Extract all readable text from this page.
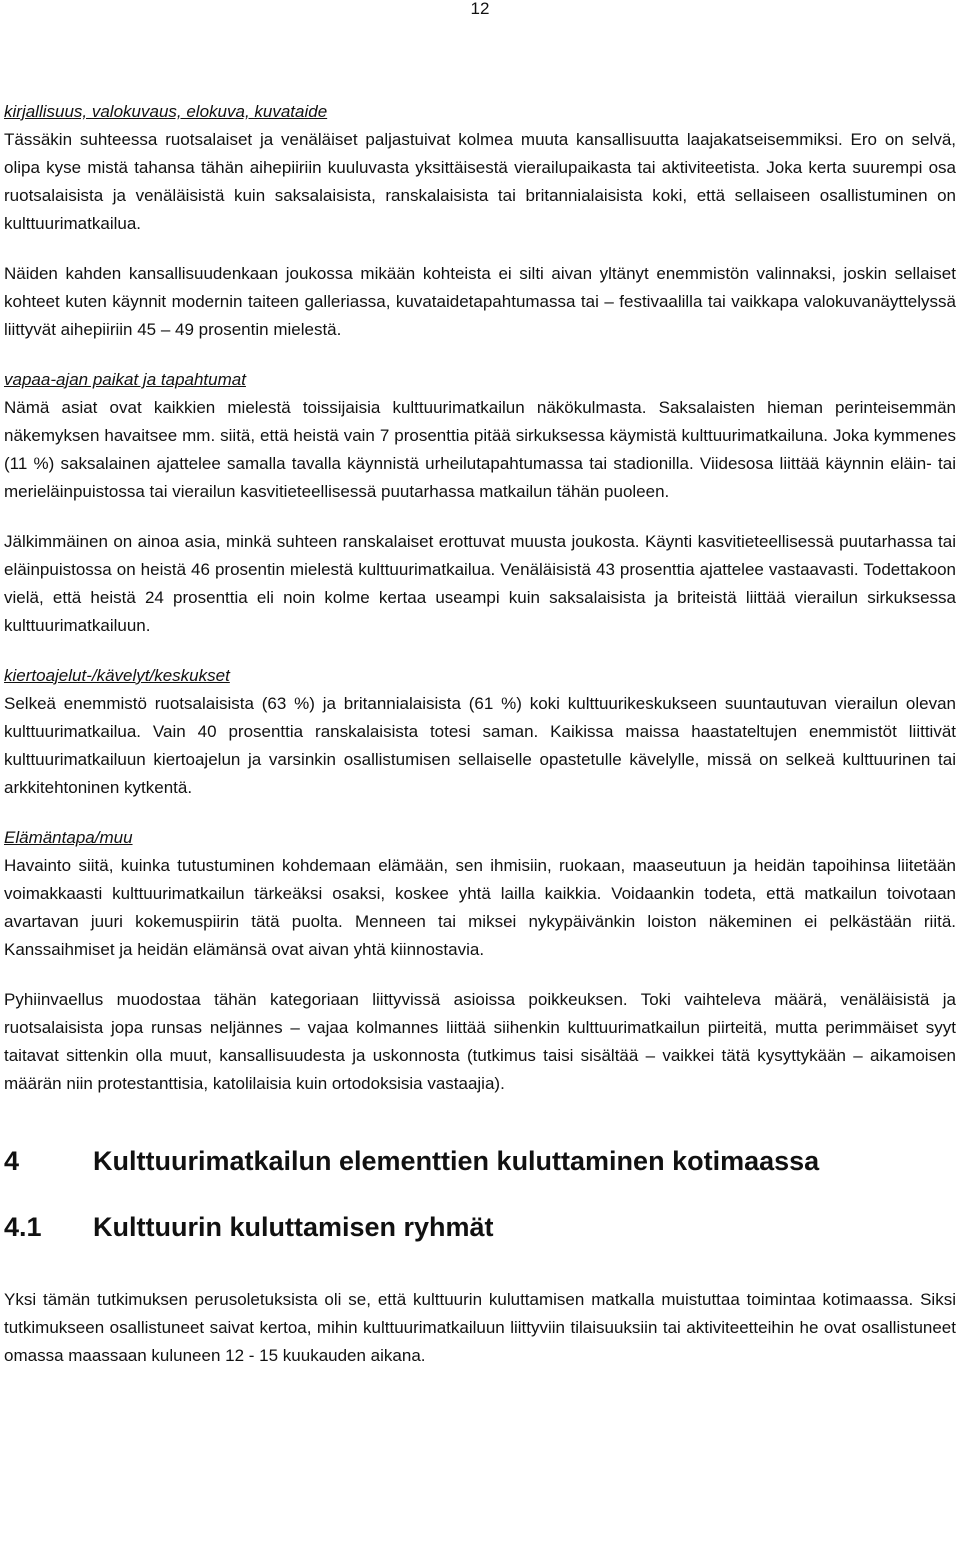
12
kirjallisuus, valokuvaus, elokuva, kuvataide

Tässäkin suhteessa ruotsalaiset ja venäläiset paljastuivat kolmea muuta kansallisuutta laajakatseisemmiksi. Ero on selvä, olipa kyse mistä tahansa tähän aihepiiriin kuuluvasta yksittäisestä vierailupaikasta tai aktiviteetista. Joka kerta suurempi osa ruotsalaisista ja venäläisistä kuin saksalaisista, ranskalaisista tai britannialaisista koki, että sellaiseen osallistuminen on kulttuurimatkailua.

Näiden kahden kansallisuudenkaan joukossa mikään kohteista ei silti aivan yltänyt enemmistön valinnaksi, joskin sellaiset kohteet kuten käynnit modernin taiteen galleriassa, kuvataidetapahtumassa tai – festivaalilla tai vaikkapa valokuvanäyttelyssä liittyvät aihepiiriin 45 – 49 prosentin mielestä.

vapaa-ajan paikat ja tapahtumat

Nämä asiat ovat kaikkien mielestä toissijaisia kulttuurimatkailun näkökulmasta. Saksalaisten hieman perinteisemmän näkemyksen havaitsee mm. siitä, että heistä vain 7 prosenttia pitää sirkuksessa käymistä kulttuurimatkailuna. Joka kymmenes (11 %) saksalainen ajattelee samalla tavalla käynnistä urheilutapahtumassa tai stadionilla. Viidesosa liittää käynnin eläin- tai merieläinpuistossa tai vierailun kasvitieteellisessä puutarhassa matkailun tähän puoleen.

Jälkimmäinen on ainoa asia, minkä suhteen ranskalaiset erottuvat muusta joukosta. Käynti kasvitieteellisessä puutarhassa tai eläinpuistossa on heistä 46 prosentin mielestä kulttuurimatkailua. Venäläisistä 43 prosenttia ajattelee vastaavasti. Todettakoon vielä, että heistä 24 prosenttia eli noin kolme kertaa useampi kuin saksalaisista ja briteistä liittää vierailun sirkuksessa kulttuurimatkailuun.

kiertoajelut-/kävelyt/keskukset

Selkeä enemmistö ruotsalaisista (63 %) ja britannialaisista (61 %) koki kulttuurikeskukseen suuntautuvan vierailun olevan kulttuurimatkailua. Vain 40 prosenttia ranskalaisista totesi saman. Kaikissa maissa haastateltujen enemmistöt liittivät kulttuurimatkailuun kiertoajelun ja varsinkin osallistumisen sellaiselle opastetulle kävelylle, missä on selkeä kulttuurinen tai arkkitehtoninen kytkentä.

Elämäntapa/muu

Havainto siitä, kuinka tutustuminen kohdemaan elämään, sen ihmisiin, ruokaan, maaseutuun ja heidän tapoihinsa liitetään voimakkaasti kulttuurimatkailun tärkeäksi osaksi, koskee yhtä lailla kaikkia. Voidaankin todeta, että matkailun toivotaan avartavan juuri kokemuspiirin tätä puolta. Menneen tai miksei nykypäivänkin loiston näkeminen ei pelkästään riitä. Kanssaihmiset ja heidän elämänsä ovat aivan yhtä kiinnostavia.

Pyhiinvaellus muodostaa tähän kategoriaan liittyvissä asioissa poikkeuksen. Toki vaihteleva määrä, venäläisistä ja ruotsalaisista jopa runsas neljännes – vajaa kolmannes liittää siihenkin kulttuurimatkailun piirteitä, mutta perimmäiset syyt taitavat sittenkin olla muut, kansallisuudesta ja uskonnosta (tutkimus taisi sisältää – vaikkei tätä kysyttykään – aikamoisen määrän niin protestanttisia, katolilaisia kuin ortodoksisia vastaajia).

4	Kulttuurimatkailun elementtien kuluttaminen kotimaassa
4.1	Kulttuurin kuluttamisen ryhmät

Yksi tämän tutkimuksen perusoletuksista oli se, että kulttuurin kuluttamisen matkalla muistuttaa toimintaa kotimaassa. Siksi tutkimukseen osallistuneet saivat kertoa, mihin kulttuurimatkailuun liittyviin tilaisuuksiin tai aktiviteetteihin he ovat osallistuneet omassa maassaan kuluneen 12 - 15 kuukauden aikana.
